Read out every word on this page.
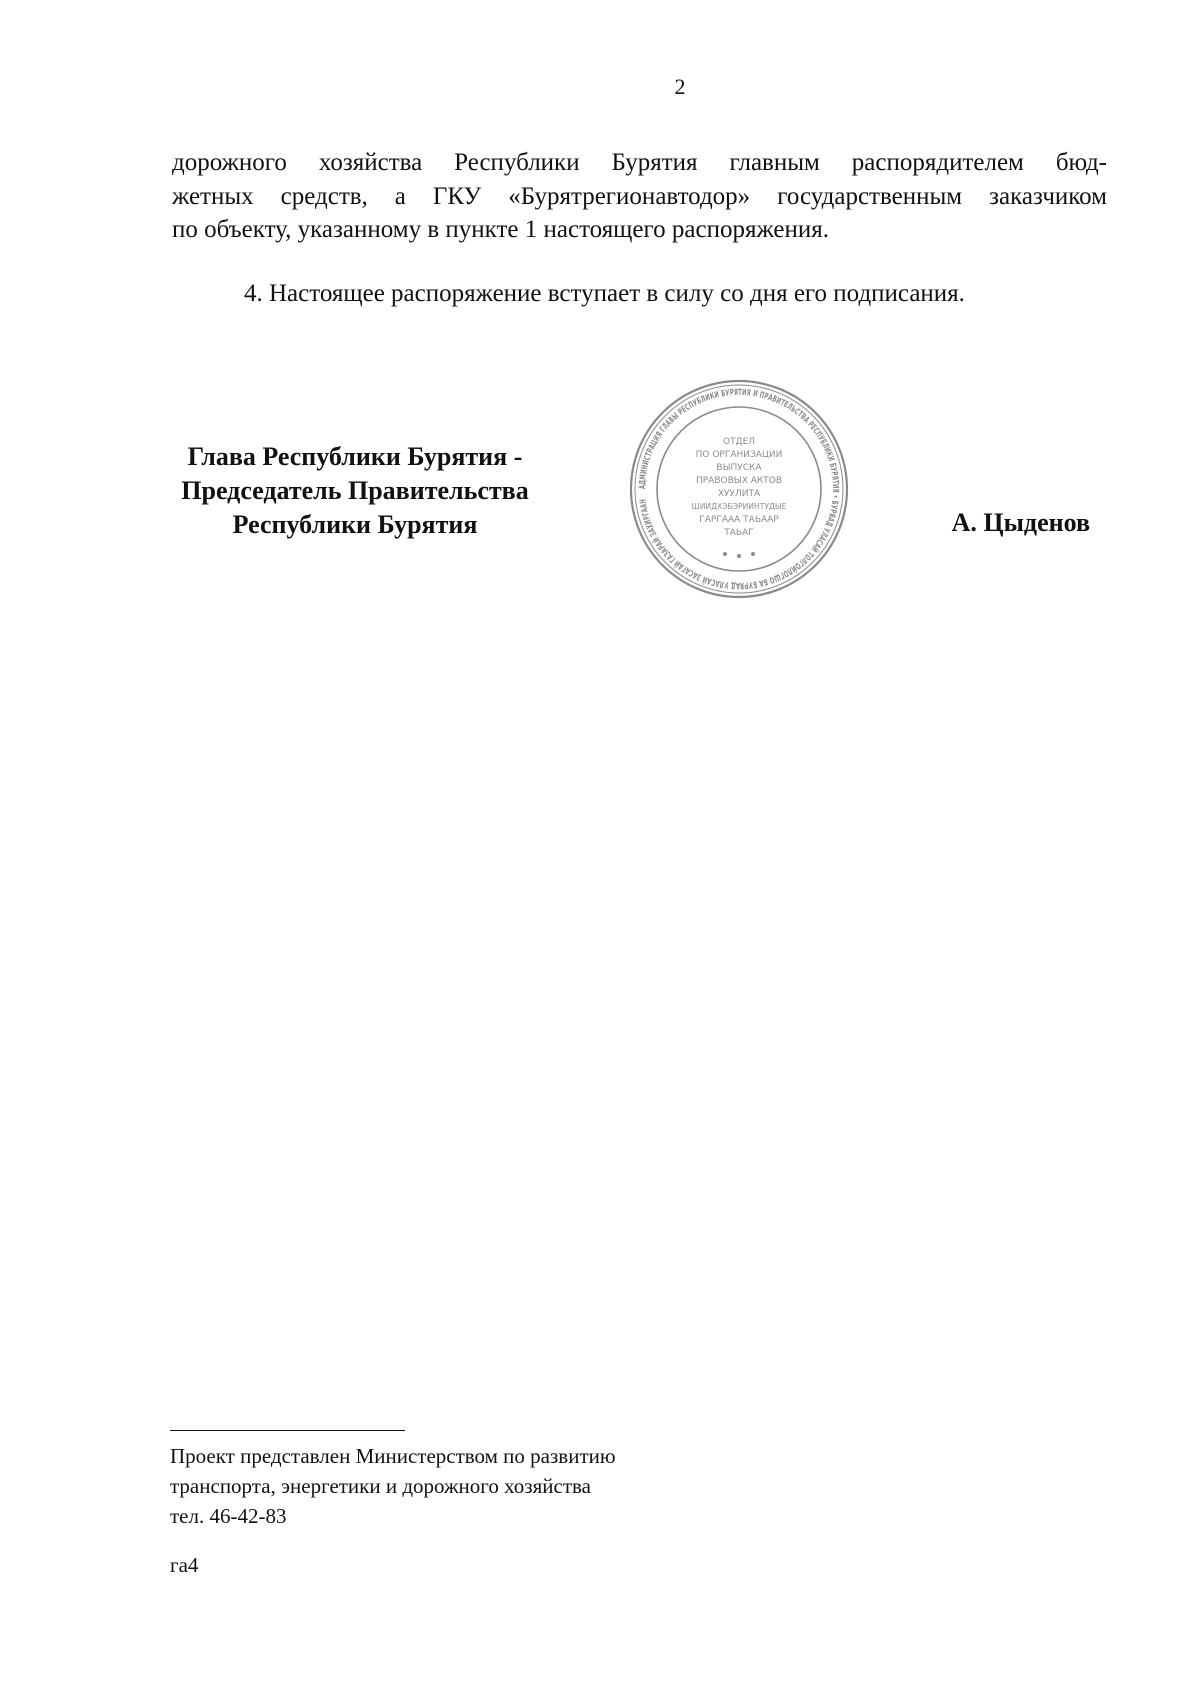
2
дорожного хозяйства Республики Бурятия главным распорядителем бюд-
жетных средств, а ГКУ «Бурятрегионавтодор» государственным заказчиком
по объекту, указанному в пункте 1 настоящего распоряжения.
4. Настоящее распоряжение вступает в силу со дня его подписания.
Глава Республики Бурятия -
Председатель Правительства
Республики Бурятия
АДМИНИСТРАЦИЯ ГЛАВЫ РЕСПУБЛИКИ БУРЯТИЯ И ПРАВИТЕЛЬСТВА РЕСПУБЛИКИ БУРЯТИЯ • БУРЯАД УЛАСАЙ ТОЛГОЙЛОГШО БА БУРЯАД УЛАСАЙ ЗАСАГАЙ ГАЗАРАЙ ЗАХИРГААН
ОТДЕЛ
ПО ОРГАНИЗАЦИИ
ВЫПУСКА
ПРАВОВЫХ АКТОВ
ХУУЛИТА
ШИИДХЭБЭРИИНТУДЫЕ
ГАРГААА ТАЬААР
ТАЬАГ	А. Цыденов
Проект представлен Министерством по развитию
транспорта, энергетики и дорожного хозяйства
тел. 46-42-83
га4
